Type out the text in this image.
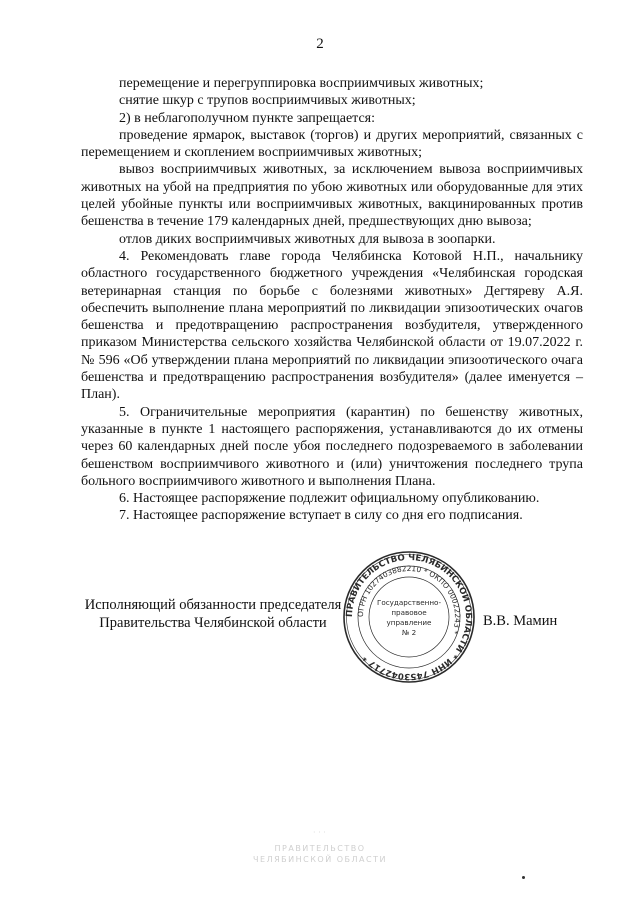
2

перемещение и перегруппировка восприимчивых животных;

снятие шкур с трупов восприимчивых животных;

2) в неблагополучном пункте запрещается:

проведение ярмарок, выставок (торгов) и других мероприятий, связанных с перемещением и скоплением восприимчивых животных;

вывоз восприимчивых животных, за исключением вывоза восприимчивых животных на убой на предприятия по убою животных или оборудованные для этих целей убойные пункты или восприимчивых животных, вакцинированных против бешенства в течение 179 календарных дней, предшествующих дню вывоза;

отлов диких восприимчивых животных для вывоза в зоопарки.

4. Рекомендовать главе города Челябинска Котовой Н.П., начальнику областного государственного бюджетного учреждения «Челябинская городская ветеринарная станция по борьбе с болезнями животных» Дегтяреву А.Я. обеспечить выполнение плана мероприятий по ликвидации эпизоотических очагов бешенства и предотвращению распространения возбудителя, утвержденного приказом Министерства сельского хозяйства Челябинской области от 19.07.2022 г. № 596 «Об утверждении плана мероприятий по ликвидации эпизоотического очага бешенства и предотвращению распространения возбудителя» (далее именуется – План).

5. Ограничительные мероприятия (карантин) по бешенству животных, указанные в пункте 1 настоящего распоряжения, устанавливаются до их отмены через 60 календарных дней после убоя последнего подозреваемого в заболевании бешенством восприимчивого животного и (или) уничтожения последнего трупа больного восприимчивого животного и выполнения Плана.

6. Настоящее распоряжение подлежит официальному опубликованию.

7. Настоящее распоряжение вступает в силу со дня его подписания.

Исполняющий обязанности председателя
Правительства Челябинской области
ПРАВИТЕЛЬСТВО ЧЕЛЯБИНСКОЙ ОБЛАСТИ * ИНН 7453042717 *
ОГРН 1027403882210 * ОКПО 00022243 *
Государственно-
правовое
управление
№ 2
В.В. Мамин
· · ·
ПРАВИТЕЛЬСТВО
ЧЕЛЯБИНСКОЙ ОБЛАСТИ
